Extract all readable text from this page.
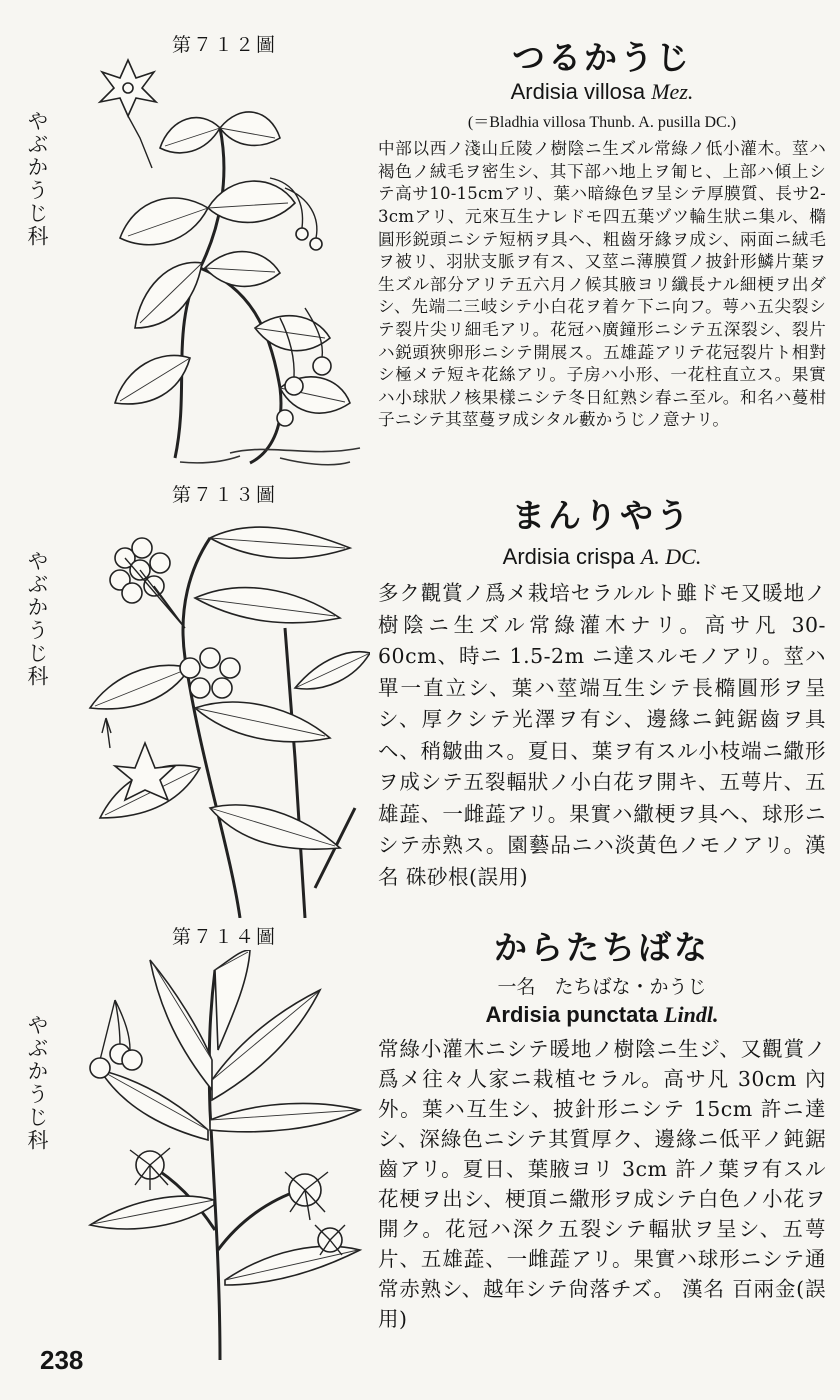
第７１２圖
やぶかうじ科
つるかうじ
Ardisia villosa Mez.
(＝Bladhia villosa Thunb. A. pusilla DC.)
中部以西ノ淺山丘陵ノ樹陰ニ生ズル常綠ノ低小灌木。莖ハ褐色ノ絨毛ヲ密生シ、其下部ハ地上ヲ匍ヒ、上部ハ傾上シテ高サ10-15cmアリ、葉ハ暗綠色ヲ呈シテ厚膜質、長サ2-3cmアリ、元來互生ナレドモ四五葉ヅツ輪生狀ニ集ル、橢圓形鋭頭ニシテ短柄ヲ具ヘ、粗齒牙緣ヲ成シ、兩面ニ絨毛ヲ被リ、羽狀支脈ヲ有ス、又莖ニ薄膜質ノ披針形鱗片葉ヲ生ズル部分アリテ五六月ノ候其腋ヨリ纖長ナル細梗ヲ出ダシ、先端二三岐シテ小白花ヲ着ケ下ニ向フ。萼ハ五尖裂シテ裂片尖リ細毛アリ。花冠ハ廣鐘形ニシテ五深裂シ、裂片ハ鋭頭狹卵形ニシテ開展ス。五雄蕋アリテ花冠裂片ト相對シ極メテ短キ花絲アリ。子房ハ小形、一花柱直立ス。果實ハ小球狀ノ核果樣ニシテ冬日紅熟シ春ニ至ル。和名ハ蔓柑子ニシテ其莖蔓ヲ成シタル藪かうじノ意ナリ。
第７１３圖
やぶかうじ科
まんりやう
Ardisia crispa A. DC.
多ク觀賞ノ爲メ栽培セラルルト雖ドモ又暖地ノ樹陰ニ生ズル常綠灌木ナリ。高サ凡 30-60cm、時ニ 1.5-2m ニ達スルモノアリ。莖ハ單一直立シ、葉ハ莖端互生シテ長橢圓形ヲ呈シ、厚クシテ光澤ヲ有シ、邊緣ニ鈍鋸齒ヲ具ヘ、稍皺曲ス。夏日、葉ヲ有スル小枝端ニ繖形ヲ成シテ五裂輻狀ノ小白花ヲ開キ、五萼片、五雄蕋、一雌蕋アリ。果實ハ繖梗ヲ具ヘ、球形ニシテ赤熟ス。園藝品ニハ淡黃色ノモノアリ。漢名 硃砂根(誤用)
第７１４圖
やぶかうじ科
からたちばな
一名　たちばな・かうじ
Ardisia punctata Lindl.
常綠小灌木ニシテ暖地ノ樹陰ニ生ジ、又觀賞ノ爲メ往々人家ニ栽植セラル。高サ凡 30cm 內外。葉ハ互生シ、披針形ニシテ 15cm 許ニ達シ、深綠色ニシテ其質厚ク、邊緣ニ低平ノ鈍鋸齒アリ。夏日、葉腋ヨリ 3cm 許ノ葉ヲ有スル花梗ヲ出シ、梗頂ニ繖形ヲ成シテ白色ノ小花ヲ開ク。花冠ハ深ク五裂シテ輻狀ヲ呈シ、五萼片、五雄蕋、一雌蕋アリ。果實ハ球形ニシテ通常赤熟シ、越年シテ尙落チズ。 漢名 百兩金(誤用)
238
